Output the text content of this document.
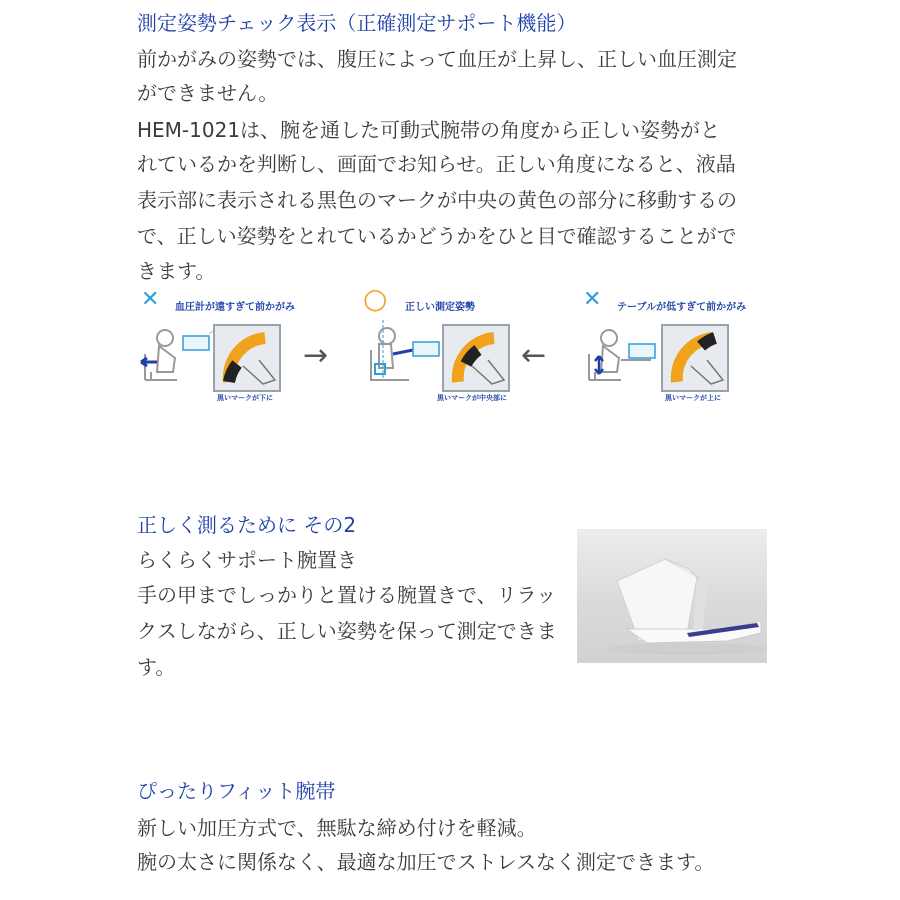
測定姿勢チェック表示（正確測定サポート機能）
前かがみの姿勢では、腹圧によって血圧が上昇し、正しい血圧測定
ができません。
HEM-1021は、腕を通した可動式腕帯の角度から正しい姿勢がと
れているかを判断し、画面でお知らせ。正しい角度になると、液晶
表示部に表示される黒色のマークが中央の黄色の部分に移動するの
で、正しい姿勢をとれているかどうかをひと目で確認することがで
きます。
✕ 血圧計が遠すぎて前かがみ
黒いマークが下に
→
○ 正しい測定姿勢
黒いマークが中央部に
←
✕ テーブルが低すぎて前かがみ
黒いマークが上に
正しく測るために その2
らくらくサポート腕置き
手の甲までしっかりと置ける腕置きで、リラッ
クスしながら、正しい姿勢を保って測定できま
す。
ぴったりフィット腕帯
新しい加圧方式で、無駄な締め付けを軽減。
腕の太さに関係なく、最適な加圧でストレスなく測定できます。
